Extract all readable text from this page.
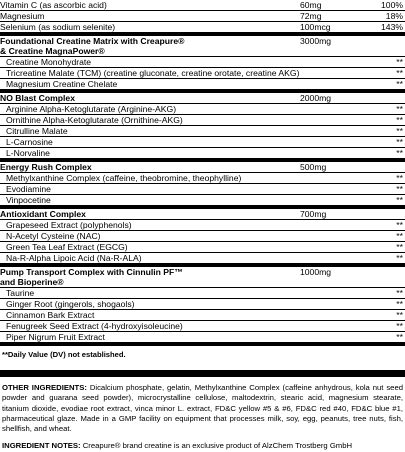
Vitamin C (as ascorbic acid)	60mg	100%
Magnesium	72mg	18%
Selenium (as sodium selenite)	100mcg	143%
Foundational Creatine Matrix with Creapure®
& Creatine MagnaPower®
3000mg
Creatine Monohydrate	**
Tricreatine Malate (TCM) (creatine gluconate, creatine orotate, creatine AKG)	**
Magnesium Creatine Chelate	**
NO Blast Complex	2000mg
Arginine Alpha-Ketoglutarate (Arginine-AKG)	**
Ornithine Alpha-Ketoglutarate (Ornithine-AKG)	**
Citrulline Malate	**
L-Carnosine	**
L-Norvaline	**
Energy Rush Complex	500mg
Methylxanthine Complex (caffeine, theobromine, theophylline)	**
Evodiamine	**
Vinpocetine	**
Antioxidant Complex	700mg
Grapeseed Extract (polyphenols)	**
N-Acetyl Cysteine (NAC)	**
Green Tea Leaf Extract (EGCG)	**
Na-R-Alpha Lipoic Acid (Na-R-ALA)	**
Pump Transport Complex with Cinnulin PF™
and Bioperine®
1000mg
Taurine	**
Ginger Root (gingerols, shogaols)	**
Cinnamon Bark Extract	**
Fenugreek Seed Extract (4-hydroxyisoleucine)	**
Piper Nigrum Fruit Extract	**
**Daily Value (DV) not established.
OTHER INGREDIENTS: Dicalcium phosphate, gelatin, Methylxanthine Complex (caffeine anhydrous, kola nut seed powder and guarana seed powder), microcrystalline cellulose, maltodextrin, stearic acid, magnesium stearate, titanium dioxide, evodiae root extract, vinca minor L. extract, FD&C yellow #5 & #6, FD&C red #40, FD&C blue #1, pharmaceutical glaze. Made in a GMP facility on equipment that processes milk, soy, egg, peanuts, tree nuts, fish, shellfish, and wheat.
INGREDIENT NOTES: Creapure® brand creatine is an exclusive product of AlzChem Trostberg GmbH
